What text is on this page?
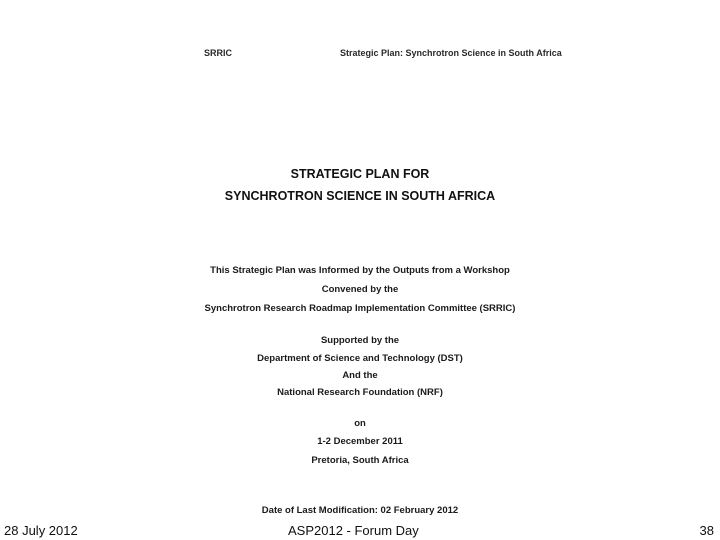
SRRIC	Strategic Plan: Synchrotron Science in South Africa
STRATEGIC PLAN FOR
SYNCHROTRON SCIENCE IN SOUTH AFRICA
This Strategic Plan was Informed by the Outputs from a Workshop
Convened by the
Synchrotron Research Roadmap Implementation Committee (SRRIC)
Supported by the
Department of Science and Technology (DST)
And the
National Research Foundation (NRF)
on
1-2 December 2011
Pretoria, South Africa
Date of Last Modification: 02 February 2012
28 July 2012	ASP2012 - Forum Day	38
